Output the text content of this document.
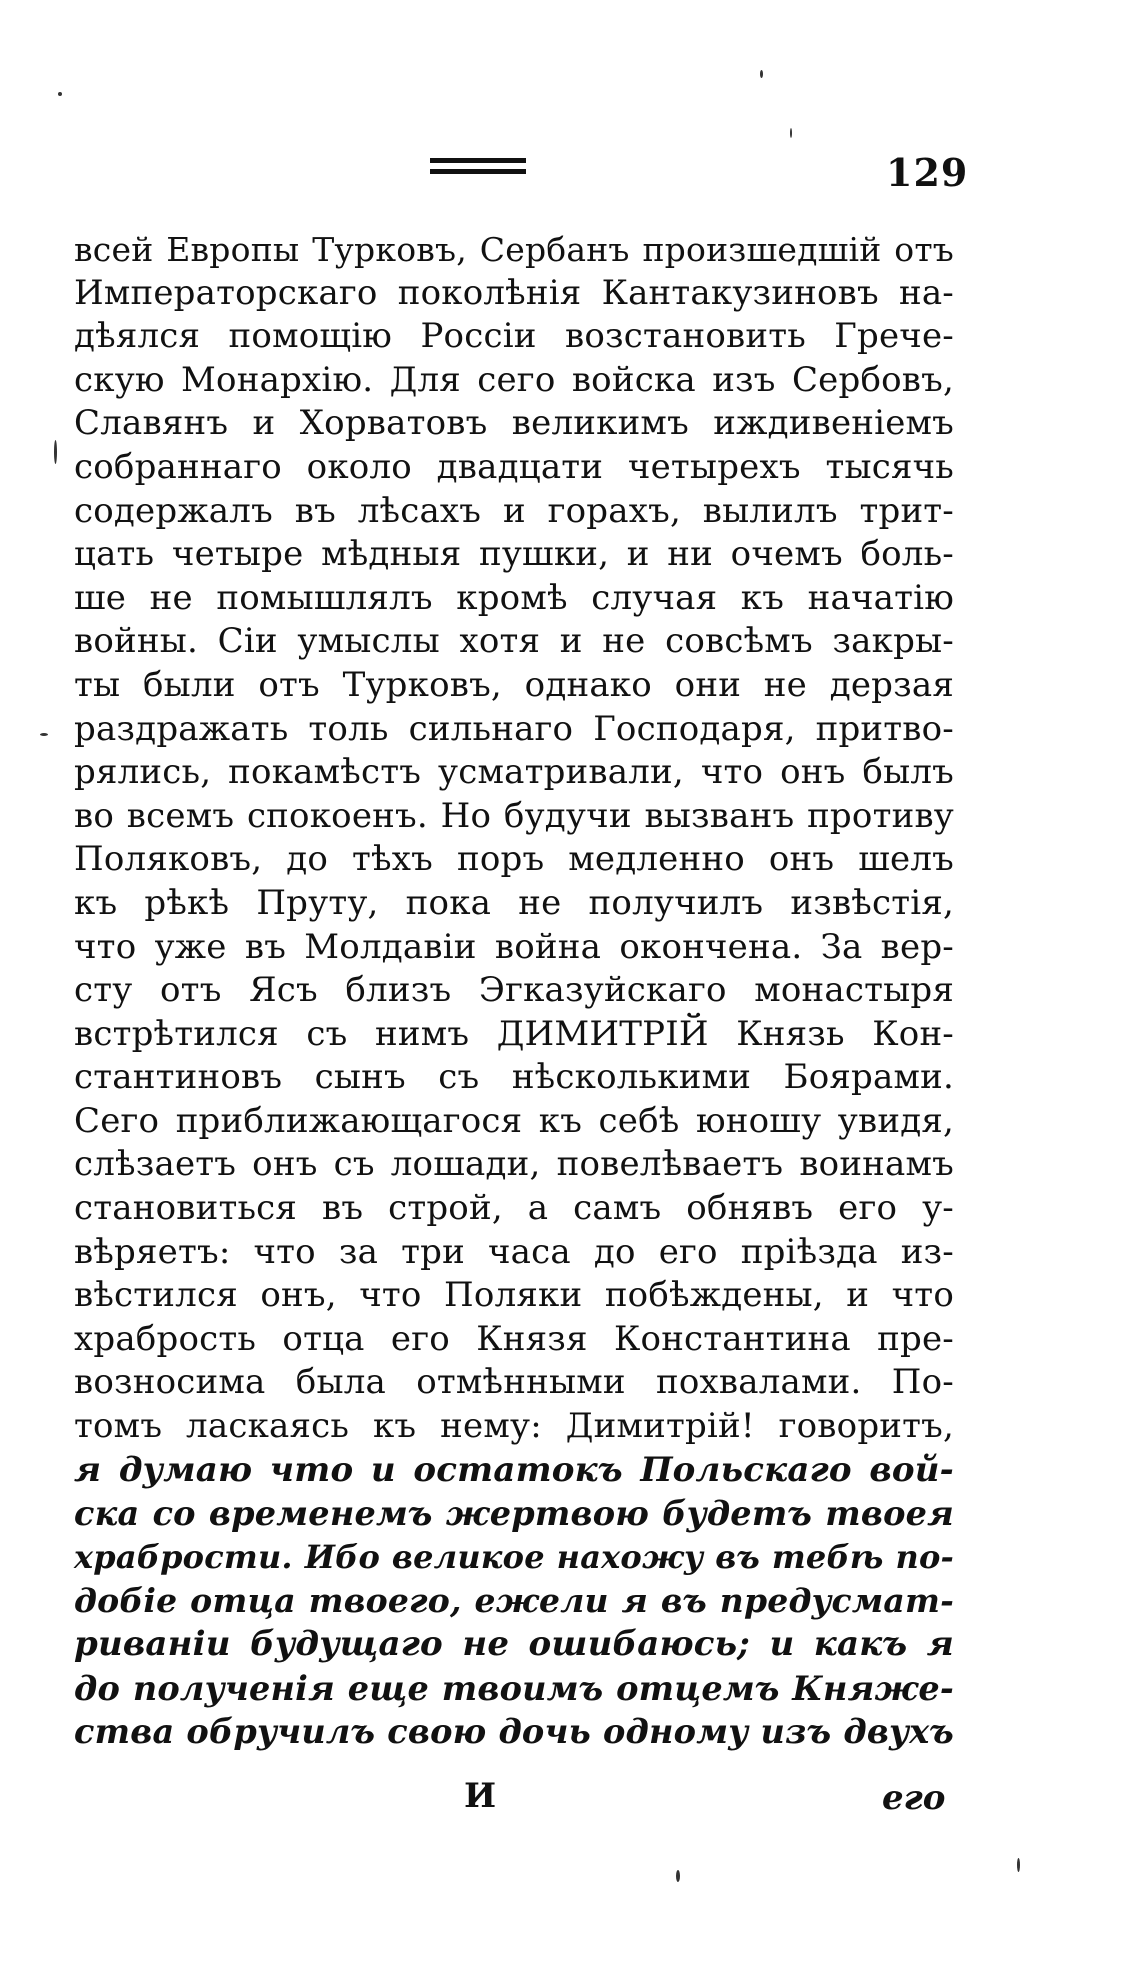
129
всей Европы Турковъ, Сербанъ произшедшій отъ
Императорскаго поколѣнія Кантакузиновъ на-
дѣялся помощію Россіи возстановить Грече-
скую Монархію. Для сего войска изъ Сербовъ,
Славянъ и Хорватовъ великимъ иждивеніемъ
собраннаго около двадцати четырехъ тысячь
содержалъ въ лѣсахъ и горахъ, вылилъ трит-
цать четыре мѣдныя пушки, и ни очемъ боль-
ше не помышлялъ кромѣ случая къ начатію
войны. Сіи умыслы хотя и не совсѣмъ закры-
ты были отъ Турковъ, однако они не дерзая
раздражать толь сильнаго Господаря, притво-
рялись, покамѣстъ усматривали, что онъ былъ
во всемъ спокоенъ. Но будучи вызванъ противу
Поляковъ, до тѣхъ поръ медленно онъ шелъ
къ рѣкѣ Пруту, пока не получилъ извѣстія,
что уже въ Молдавіи война окончена. За вер-
сту отъ Ясъ близъ Эгказуйскаго монастыря
встрѣтился съ нимъ ДИМИТРІЙ Князь Кон-
стантиновъ сынъ съ нѣсколькими Боярами.
Сего приближающагося къ себѣ юношу увидя,
слѣзаетъ онъ съ лошади, повелѣваетъ воинамъ
становиться въ строй, а самъ обнявъ его у-
вѣряетъ: что за три часа до его пріѣзда из-
вѣстился онъ, что Поляки побѣждены, и что
храбрость отца его Князя Константина пре-
возносима была отмѣнными похвалами. По-
томъ ласкаясь къ нему: Димитрій! говоритъ,
я думаю что и остатокъ Польскаго вой-
ска со временемъ жертвою будетъ твоея
храбрости. Ибо великое нахожу въ тебѣ по-
добіе отца твоего, ежели я въ предусмат-
риваніи будущаго не ошибаюсь; и какъ я
до полученія еще твоимъ отцемъ Княже-
ства обручилъ свою дочь одному изъ двухъ
И	его
